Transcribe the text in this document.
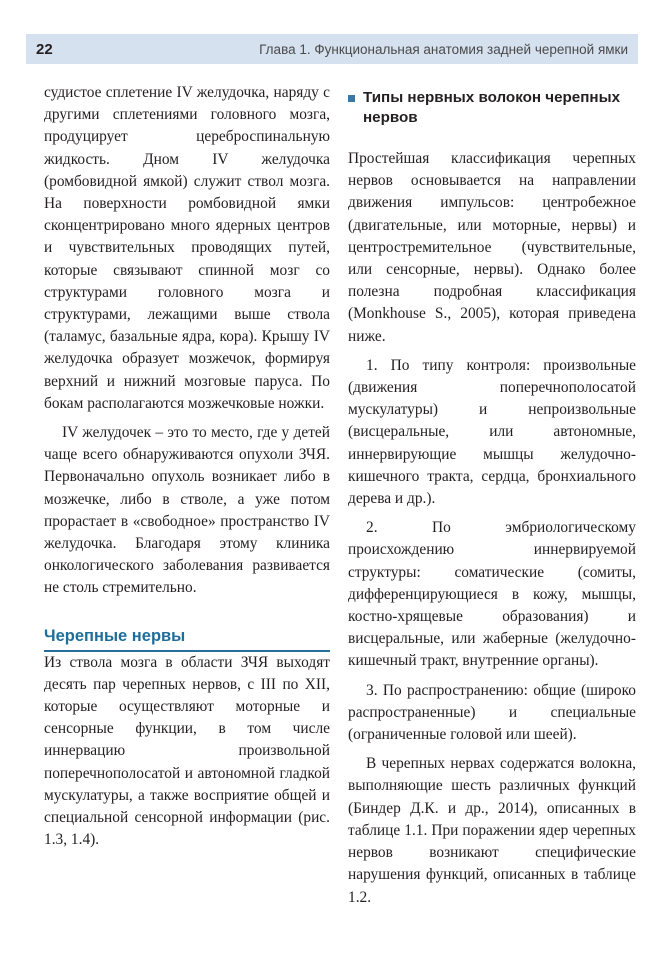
22	Глава 1. Функциональная анатомия задней черепной ямки

судистое сплетение IV желудочка, наряду с другими сплетениями головного мозга, продуцирует цереброспинальную жидкость. Дном IV желудочка (ромбовидной ямкой) служит ствол мозга. На поверхности ромбовидной ямки сконцентрировано много ядерных центров и чувствительных проводящих путей, которые связывают спинной мозг со структурами головного мозга и структурами, лежащими выше ствола (таламус, базальные ядра, кора). Крышу IV желудочка образует мозжечок, формируя верхний и нижний мозговые паруса. По бокам располагаются мозжечковые ножки.

IV желудочек – это то место, где у детей чаще всего обнаруживаются опухоли ЗЧЯ. Первоначально опухоль возникает либо в мозжечке, либо в стволе, а уже потом прорастает в «свободное» пространство IV желудочка. Благодаря этому клиника онкологического заболевания развивается не столь стремительно.

Черепные нервы

Из ствола мозга в области ЗЧЯ выходят десять пар черепных нервов, с III по XII, которые осуществляют моторные и сенсорные функции, в том числе иннервацию произвольной поперечнополосатой и автономной гладкой мускулатуры, а также восприятие общей и специальной сенсорной информации (рис. 1.3, 1.4).

Типы нервных волокон черепных нервов

Простейшая классификация черепных нервов основывается на направлении движения импульсов: центробежное (двигательные, или моторные, нервы) и центростремительное (чувствительные, или сенсорные, нервы). Однако более полезна подробная классификация (Monkhouse S., 2005), которая приведена ниже.

1. По типу контроля: произвольные (движения поперечнополосатой мускулатуры) и непроизвольные (висцеральные, или автономные, иннервирующие мышцы желудочно-кишечного тракта, сердца, бронхиального дерева и др.).

2. По эмбриологическому происхождению иннервируемой структуры: соматические (сомиты, дифференцирующиеся в кожу, мышцы, костно-хрящевые образования) и висцеральные, или жаберные (желудочно-кишечный тракт, внутренние органы).

3. По распространению: общие (широко распространенные) и специальные (ограниченные головой или шеей).

В черепных нервах содержатся волокна, выполняющие шесть различных функций (Биндер Д.К. и др., 2014), описанных в таблице 1.1. При поражении ядер черепных нервов возникают специфические нарушения функций, описанных в таблице 1.2.
